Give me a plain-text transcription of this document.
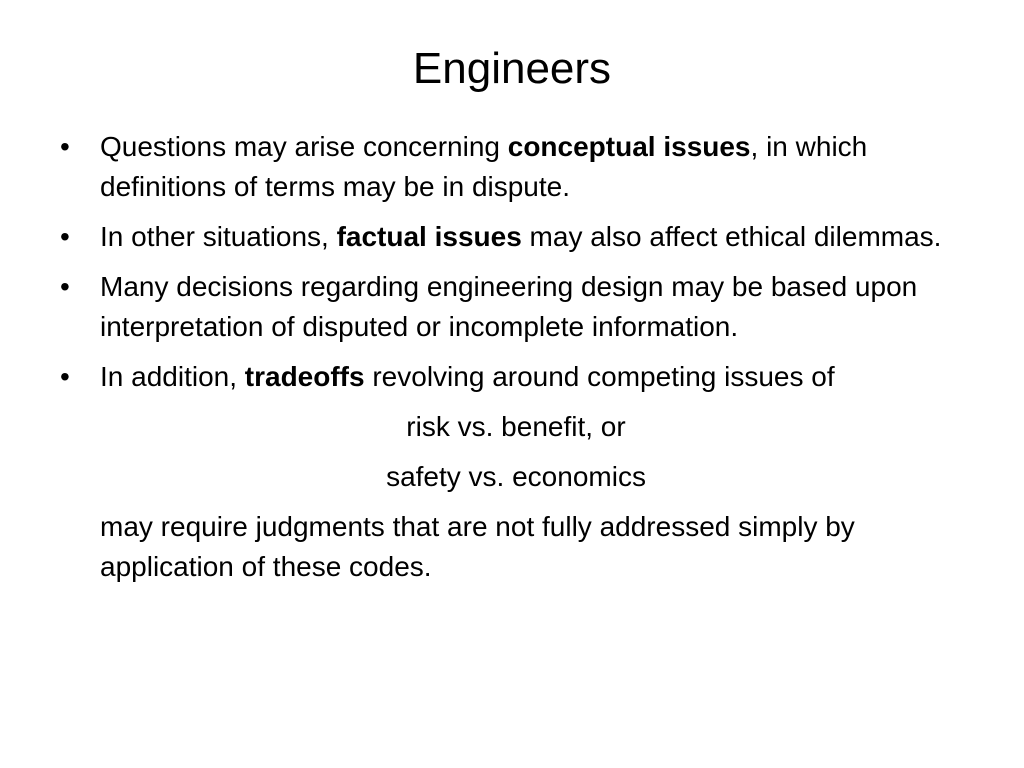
Engineers
• Questions may arise concerning conceptual issues, in which definitions of terms may be in dispute.
• In other situations, factual issues may also affect ethical dilemmas.
• Many decisions regarding engineering design may be based upon interpretation of disputed or incomplete information.
• In addition, tradeoffs revolving around competing issues of
risk vs. benefit, or
safety vs. economics
may require judgments that are not fully addressed simply by application of these codes.
